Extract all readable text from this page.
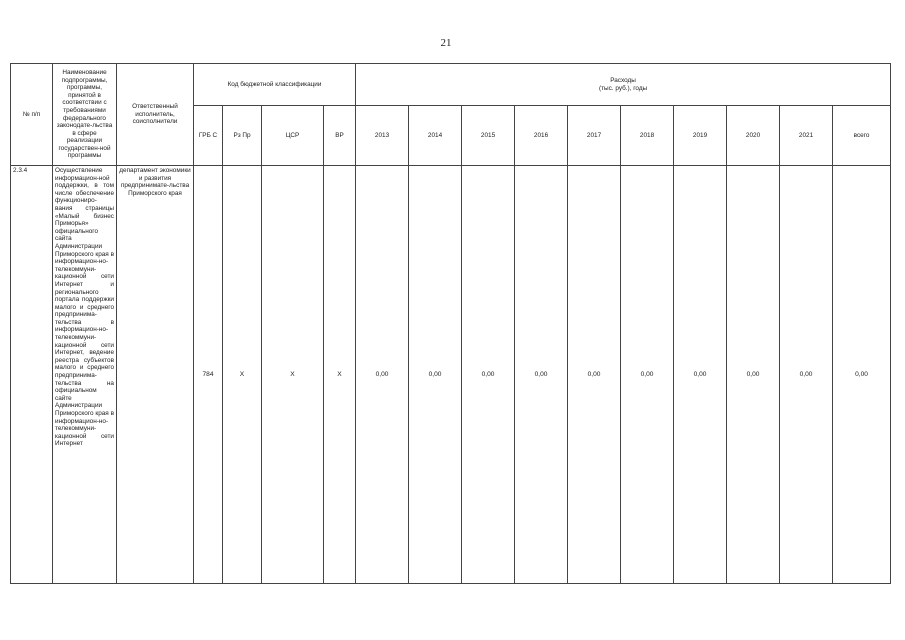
21
№ п/п	Наименование подпрограммы, программы, принятой в соответствии с требованиями федерального законодате-льства в сфере реализации государствен-ной программы	Ответственный исполнитель, соисполнители	Код бюджетной классификации				Расходы
(тыс. руб.), годы									

			ГРБ С	Рз Пр	ЦСР	ВР	2013	2014	2015	2016	2017	2018	2019	2020	2021	всего
2.3.4	Осуществление информацион-ной поддержки, в том числе обеспечение функциониро-вания страницы «Малый бизнес Приморья» официального сайта Администрации Приморского края в информацион-но-телекоммуни-кационной сети Интернет и регионального портала поддержки малого и среднего предпринима-тельства в информацион-но-телекоммуни-кационной сети Интернет, ведение реестра субъектов малого и среднего предпринима-тельства на официальном сайте Администрации Приморского края в информацион-но-телекоммуни-кационной сети Интернет	департамент экономики и развития предпринимате-льства Приморского края	784	Х	Х	Х	0,00	0,00	0,00	0,00	0,00	0,00	0,00	0,00	0,00	0,00
